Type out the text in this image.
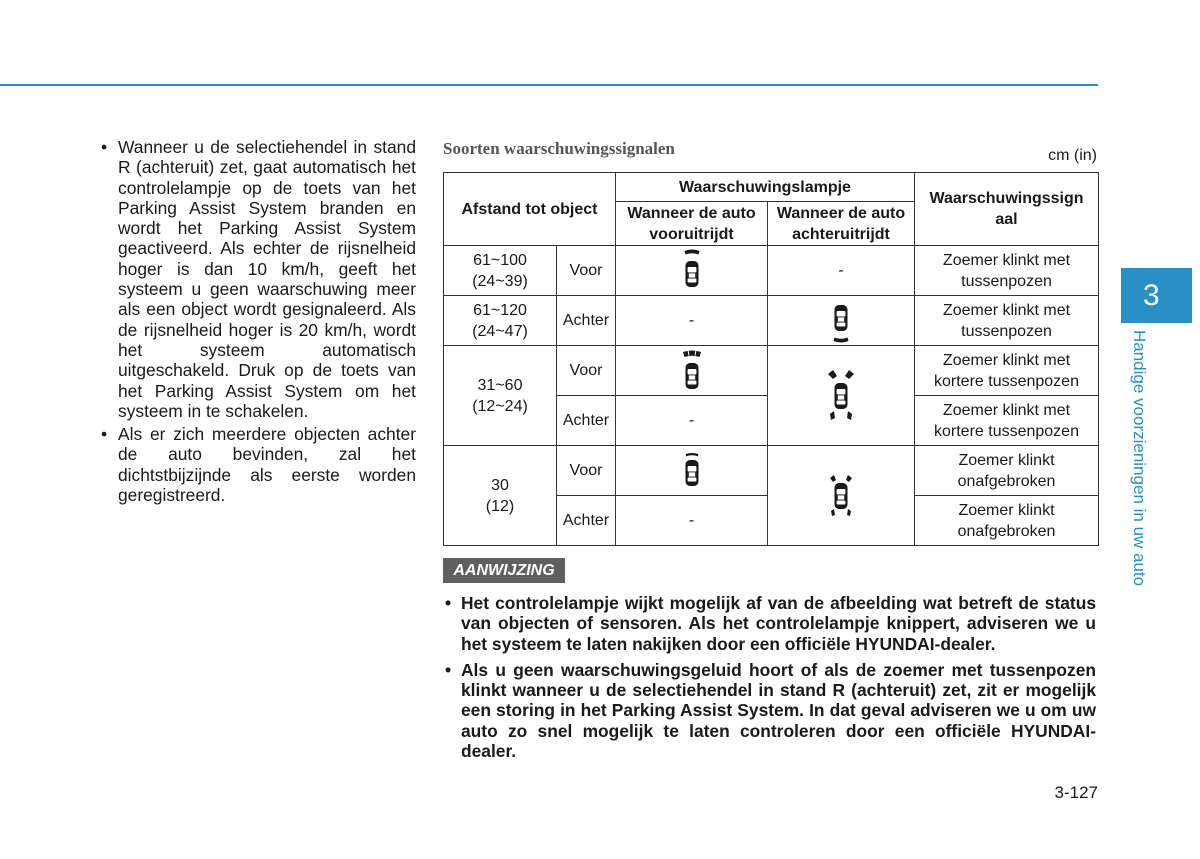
• Wanneer u de selectiehendel in stand R (achteruit) zet, gaat automatisch het controlelampje op de toets van het Parking Assist System branden en wordt het Parking Assist System geactiveerd. Als echter de rijsnelheid hoger is dan 10 km/h, geeft het systeem u geen waarschuwing meer als een object wordt gesignaleerd. Als de rijsnelheid hoger is 20 km/h, wordt het systeem automatisch uitgeschakeld. Druk op de toets van het Parking Assist System om het systeem in te schakelen.
• Als er zich meerdere objecten achter de auto bevinden, zal het dichtstbijzijnde als eerste worden geregistreerd.
Soorten waarschuwingssignalen	cm (in)
Afstand tot object		Waarschuwingslampje		Waarschuwingssign aal
		Wanneer de auto vooruitrijdt	Wanneer de auto achteruitrijdt	
61~100
(24~39)	Voor		-	Zoemer klinkt met tussenpozen
61~120
(24~47)	Achter	-		Zoemer klinkt met tussenpozen
31~60
(12~24)	Voor			Zoemer klinkt met kortere tussenpozen
	Achter	-		Zoemer klinkt met kortere tussenpozen
30
(12)	Voor			Zoemer klinkt onafgebroken
	Achter	-		Zoemer klinkt onafgebroken
AANWIJZING
• Het controlelampje wijkt mogelijk af van de afbeelding wat betreft de status van objecten of sensoren. Als het controlelampje knippert, adviseren we u het systeem te laten nakijken door een officiële HYUNDAI-dealer.
• Als u geen waarschuwingsgeluid hoort of als de zoemer met tussenpozen klinkt wanneer u de selectiehendel in stand R (achteruit) zet, zit er mogelijk een storing in het Parking Assist System. In dat geval adviseren we u om uw auto zo snel mogelijk te laten controleren door een officiële HYUNDAI-dealer.
3
Handige voorzieningen in uw auto
3-127
